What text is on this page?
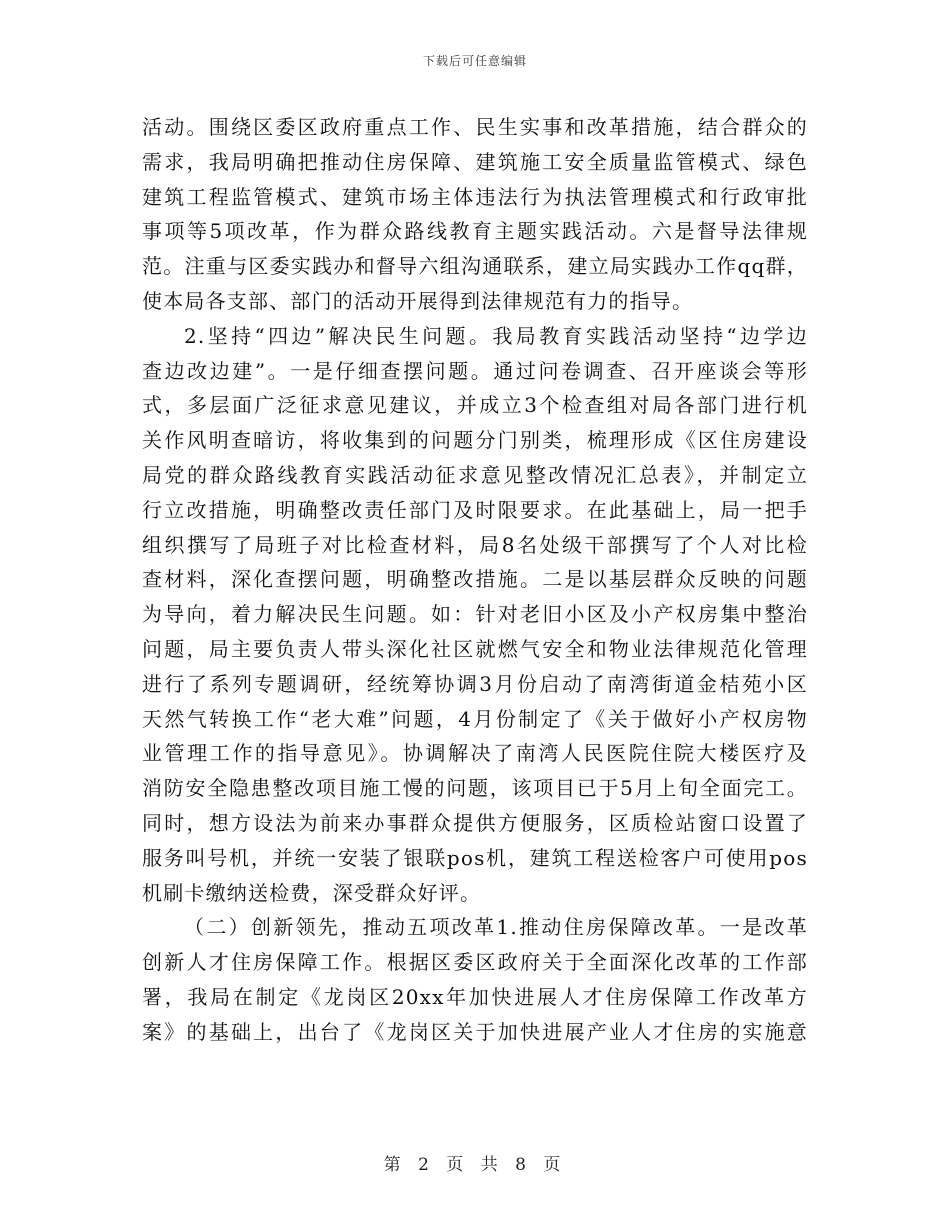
下载后可任意编辑
活动。围绕区委区政府重点工作、民生实事和改革措施，结合群众的
需求，我局明确把推动住房保障、建筑施工安全质量监管模式、绿色
建筑工程监管模式、建筑市场主体违法行为执法管理模式和行政审批
事项等5项改革，作为群众路线教育主题实践活动。六是督导法律规
范。注重与区委实践办和督导六组沟通联系，建立局实践办工作qq群，
使本局各支部、部门的活动开展得到法律规范有力的指导。
2.坚持“四边”解决民生问题。我局教育实践活动坚持“边学边
查边改边建”。一是仔细查摆问题。通过问卷调查、召开座谈会等形
式，多层面广泛征求意见建议，并成立3个检查组对局各部门进行机
关作风明查暗访，将收集到的问题分门别类，梳理形成《区住房建设
局党的群众路线教育实践活动征求意见整改情况汇总表》，并制定立
行立改措施，明确整改责任部门及时限要求。在此基础上，局一把手
组织撰写了局班子对比检查材料，局8名处级干部撰写了个人对比检
查材料，深化查摆问题，明确整改措施。二是以基层群众反映的问题
为导向，着力解决民生问题。如：针对老旧小区及小产权房集中整治
问题，局主要负责人带头深化社区就燃气安全和物业法律规范化管理
进行了系列专题调研，经统筹协调3月份启动了南湾街道金桔苑小区
天然气转换工作“老大难”问题，4月份制定了《关于做好小产权房物
业管理工作的指导意见》。协调解决了南湾人民医院住院大楼医疗及
消防安全隐患整改项目施工慢的问题，该项目已于5月上旬全面完工。
同时，想方设法为前来办事群众提供方便服务，区质检站窗口设置了
服务叫号机，并统一安装了银联pos机，建筑工程送检客户可使用pos
机刷卡缴纳送检费，深受群众好评。
（二）创新领先，推动五项改革1.推动住房保障改革。一是改革
创新人才住房保障工作。根据区委区政府关于全面深化改革的工作部
署，我局在制定《龙岗区20xx年加快进展人才住房保障工作改革方
案》的基础上，出台了《龙岗区关于加快进展产业人才住房的实施意
第 2 页 共 8 页
